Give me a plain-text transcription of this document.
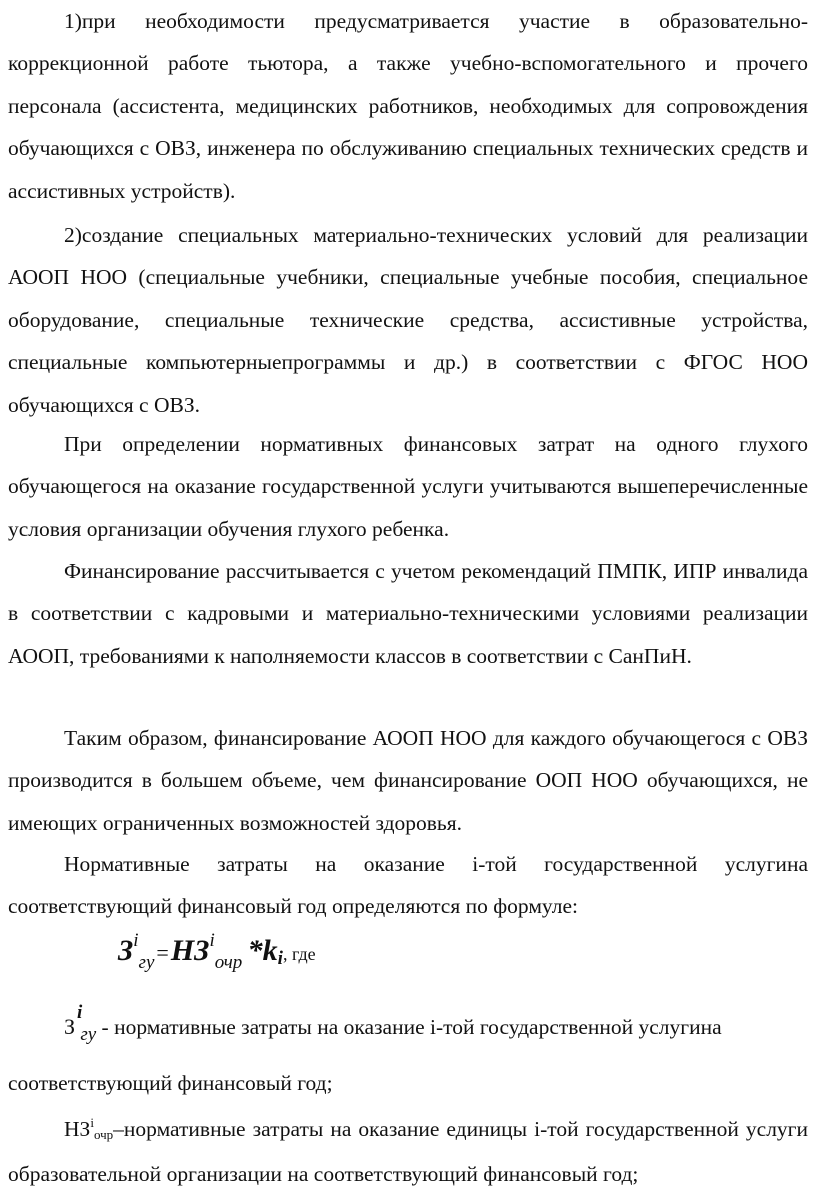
1)при необходимости предусматривается участие в образовательно-коррекционной работе тьютора, а также учебно-вспомогательного и прочего персонала (ассистента, медицинских работников, необходимых для сопровождения обучающихся с ОВЗ, инженера по обслуживанию специальных технических средств и ассистивных устройств).

2)создание специальных материально-технических условий для реализации АООП НОО (специальные учебники, специальные учебные пособия, специальное оборудование, специальные технические средства, ассистивные устройства, специальные компьютерныепрограммы и др.) в соответствии с ФГОС НОО обучающихся с ОВЗ.

При определении нормативных финансовых затрат на одного глухого обучающегося на оказание государственной услуги учитываются вышеперечисленные условия организации обучения глухого ребенка.

Финансирование рассчитывается с учетом рекомендаций ПМПК, ИПР инвалида в соответствии с кадровыми и материально-техническими условиями реализации АООП, требованиями к наполняемости классов в соответствии с СанПиН.

Таким образом, финансирование АООП НОО для каждого обучающегося с ОВЗ производится в большем объеме, чем финансирование ООП НОО обучающихся, не имеющих ограниченных возможностей здоровья.

Нормативные затраты на оказание i-той государственной услугина соответствующий финансовый год определяются по формуле:

Зiгу=НЗiочр *ki, где
Зiгу - нормативные затраты на оказание i-той государственной услугина
соответствующий финансовый год;

$НЗ^iочр$–нормативные затраты на оказание единицы i-той государственной услуги образовательной организации на соответствующий финансовый год;
